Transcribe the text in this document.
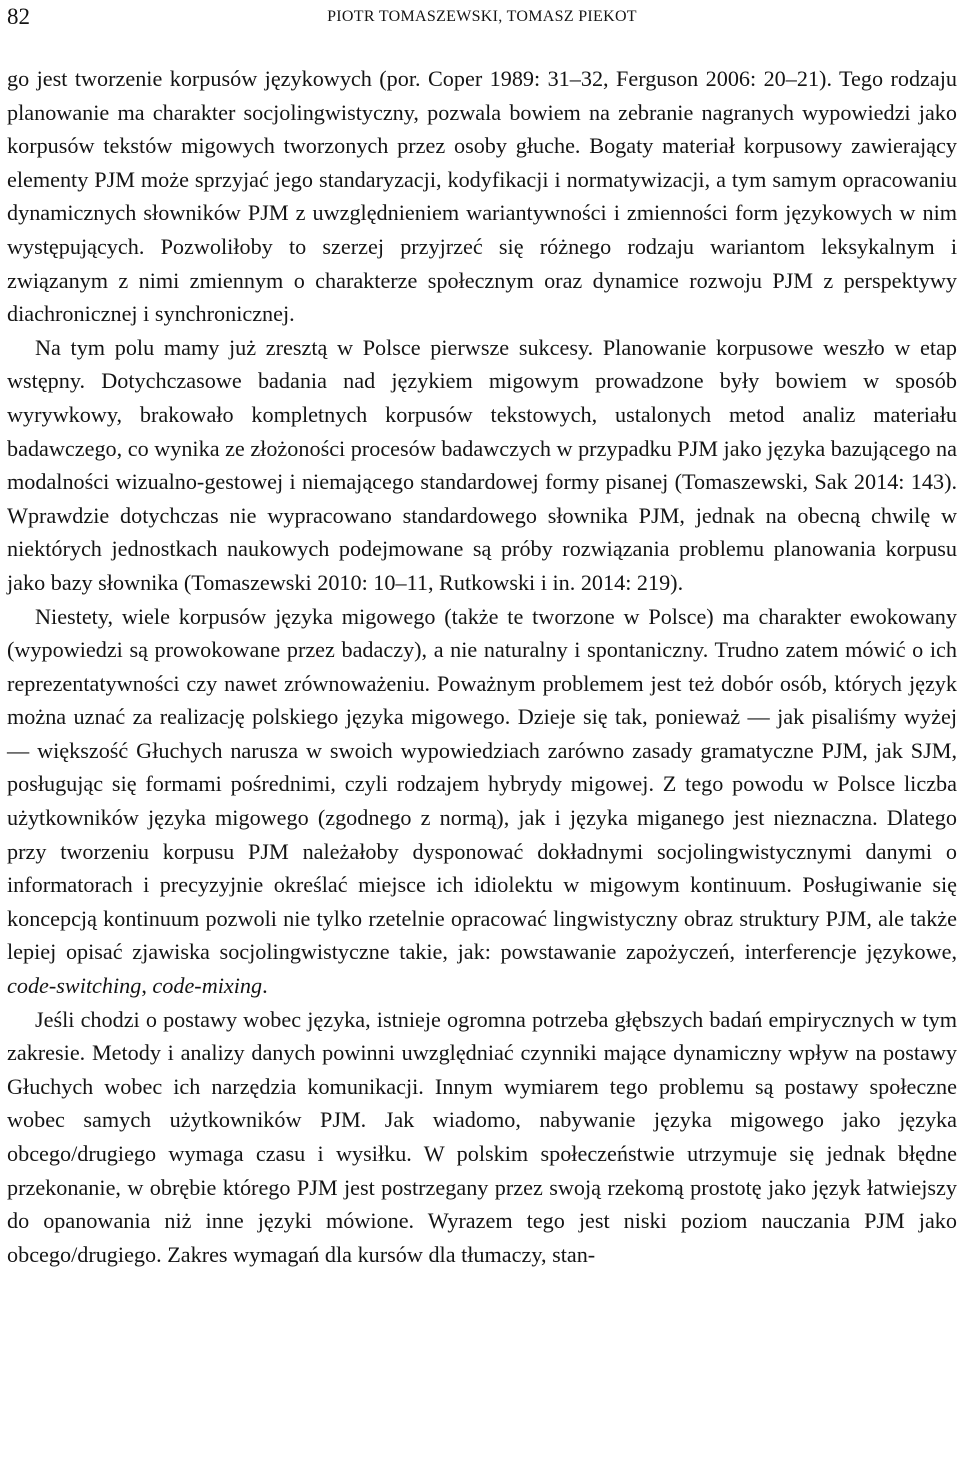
82	PIOTR TOMASZEWSKI, TOMASZ PIEKOT

go jest tworzenie korpusów językowych (por. Coper 1989: 31–32, Ferguson 2006: 20–21). Tego rodzaju planowanie ma charakter socjolingwistyczny, pozwala bowiem na zebranie nagranych wypowiedzi jako korpusów tekstów migowych tworzonych przez osoby głuche. Bogaty materiał korpusowy zawierający elementy PJM może sprzyjać jego standaryzacji, kodyfikacji i normatywizacji, a tym samym opracowaniu dynamicznych słowników PJM z uwzględnieniem wariantywności i zmienności form językowych w nim występujących. Pozwoliłoby to szerzej przyjrzeć się różnego rodzaju wariantom leksykalnym i związanym z nimi zmiennym o charakterze społecznym oraz dynamice rozwoju PJM z perspektywy diachronicznej i synchronicznej.

Na tym polu mamy już zresztą w Polsce pierwsze sukcesy. Planowanie korpusowe weszło w etap wstępny. Dotychczasowe badania nad językiem migowym prowadzone były bowiem w sposób wyrywkowy, brakowało kompletnych korpusów tekstowych, ustalonych metod analiz materiału badawczego, co wynika ze złożoności procesów badawczych w przypadku PJM jako języka bazującego na modalności wizualno-gestowej i niemającego standardowej formy pisanej (Tomaszewski, Sak 2014: 143). Wprawdzie dotychczas nie wypracowano standardowego słownika PJM, jednak na obecną chwilę w niektórych jednostkach naukowych podejmowane są próby rozwiązania problemu planowania korpusu jako bazy słownika (Tomaszewski 2010: 10–11, Rutkowski i in. 2014: 219).

Niestety, wiele korpusów języka migowego (także te tworzone w Polsce) ma charakter ewokowany (wypowiedzi są prowokowane przez badaczy), a nie naturalny i spontaniczny. Trudno zatem mówić o ich reprezentatywności czy nawet zrównoważeniu. Poważnym problemem jest też dobór osób, których język można uznać za realizację polskiego języka migowego. Dzieje się tak, ponieważ — jak pisaliśmy wyżej — większość Głuchych narusza w swoich wypowiedziach zarówno zasady gramatyczne PJM, jak SJM, posługując się formami pośrednimi, czyli rodzajem hybrydy migowej. Z tego powodu w Polsce liczba użytkowników języka migowego (zgodnego z normą), jak i języka miganego jest nieznaczna. Dlatego przy tworzeniu korpusu PJM należałoby dysponować dokładnymi socjolingwistycznymi danymi o informatorach i precyzyjnie określać miejsce ich idiolektu w migowym kontinuum. Posługiwanie się koncepcją kontinuum pozwoli nie tylko rzetelnie opracować lingwistyczny obraz struktury PJM, ale także lepiej opisać zjawiska socjolingwistyczne takie, jak: powstawanie zapożyczeń, interferencje językowe, code-switching, code-mixing.

Jeśli chodzi o postawy wobec języka, istnieje ogromna potrzeba głębszych badań empirycznych w tym zakresie. Metody i analizy danych powinni uwzględniać czynniki mające dynamiczny wpływ na postawy Głuchych wobec ich narzędzia komunikacji. Innym wymiarem tego problemu są postawy społeczne wobec samych użytkowników PJM. Jak wiadomo, nabywanie języka migowego jako języka obcego/drugiego wymaga czasu i wysiłku. W polskim społeczeństwie utrzymuje się jednak błędne przekonanie, w obrębie którego PJM jest postrzegany przez swoją rzekomą prostotę jako język łatwiejszy do opanowania niż inne języki mówione. Wyrazem tego jest niski poziom nauczania PJM jako obcego/drugiego. Zakres wymagań dla kursów dla tłumaczy, stan-
